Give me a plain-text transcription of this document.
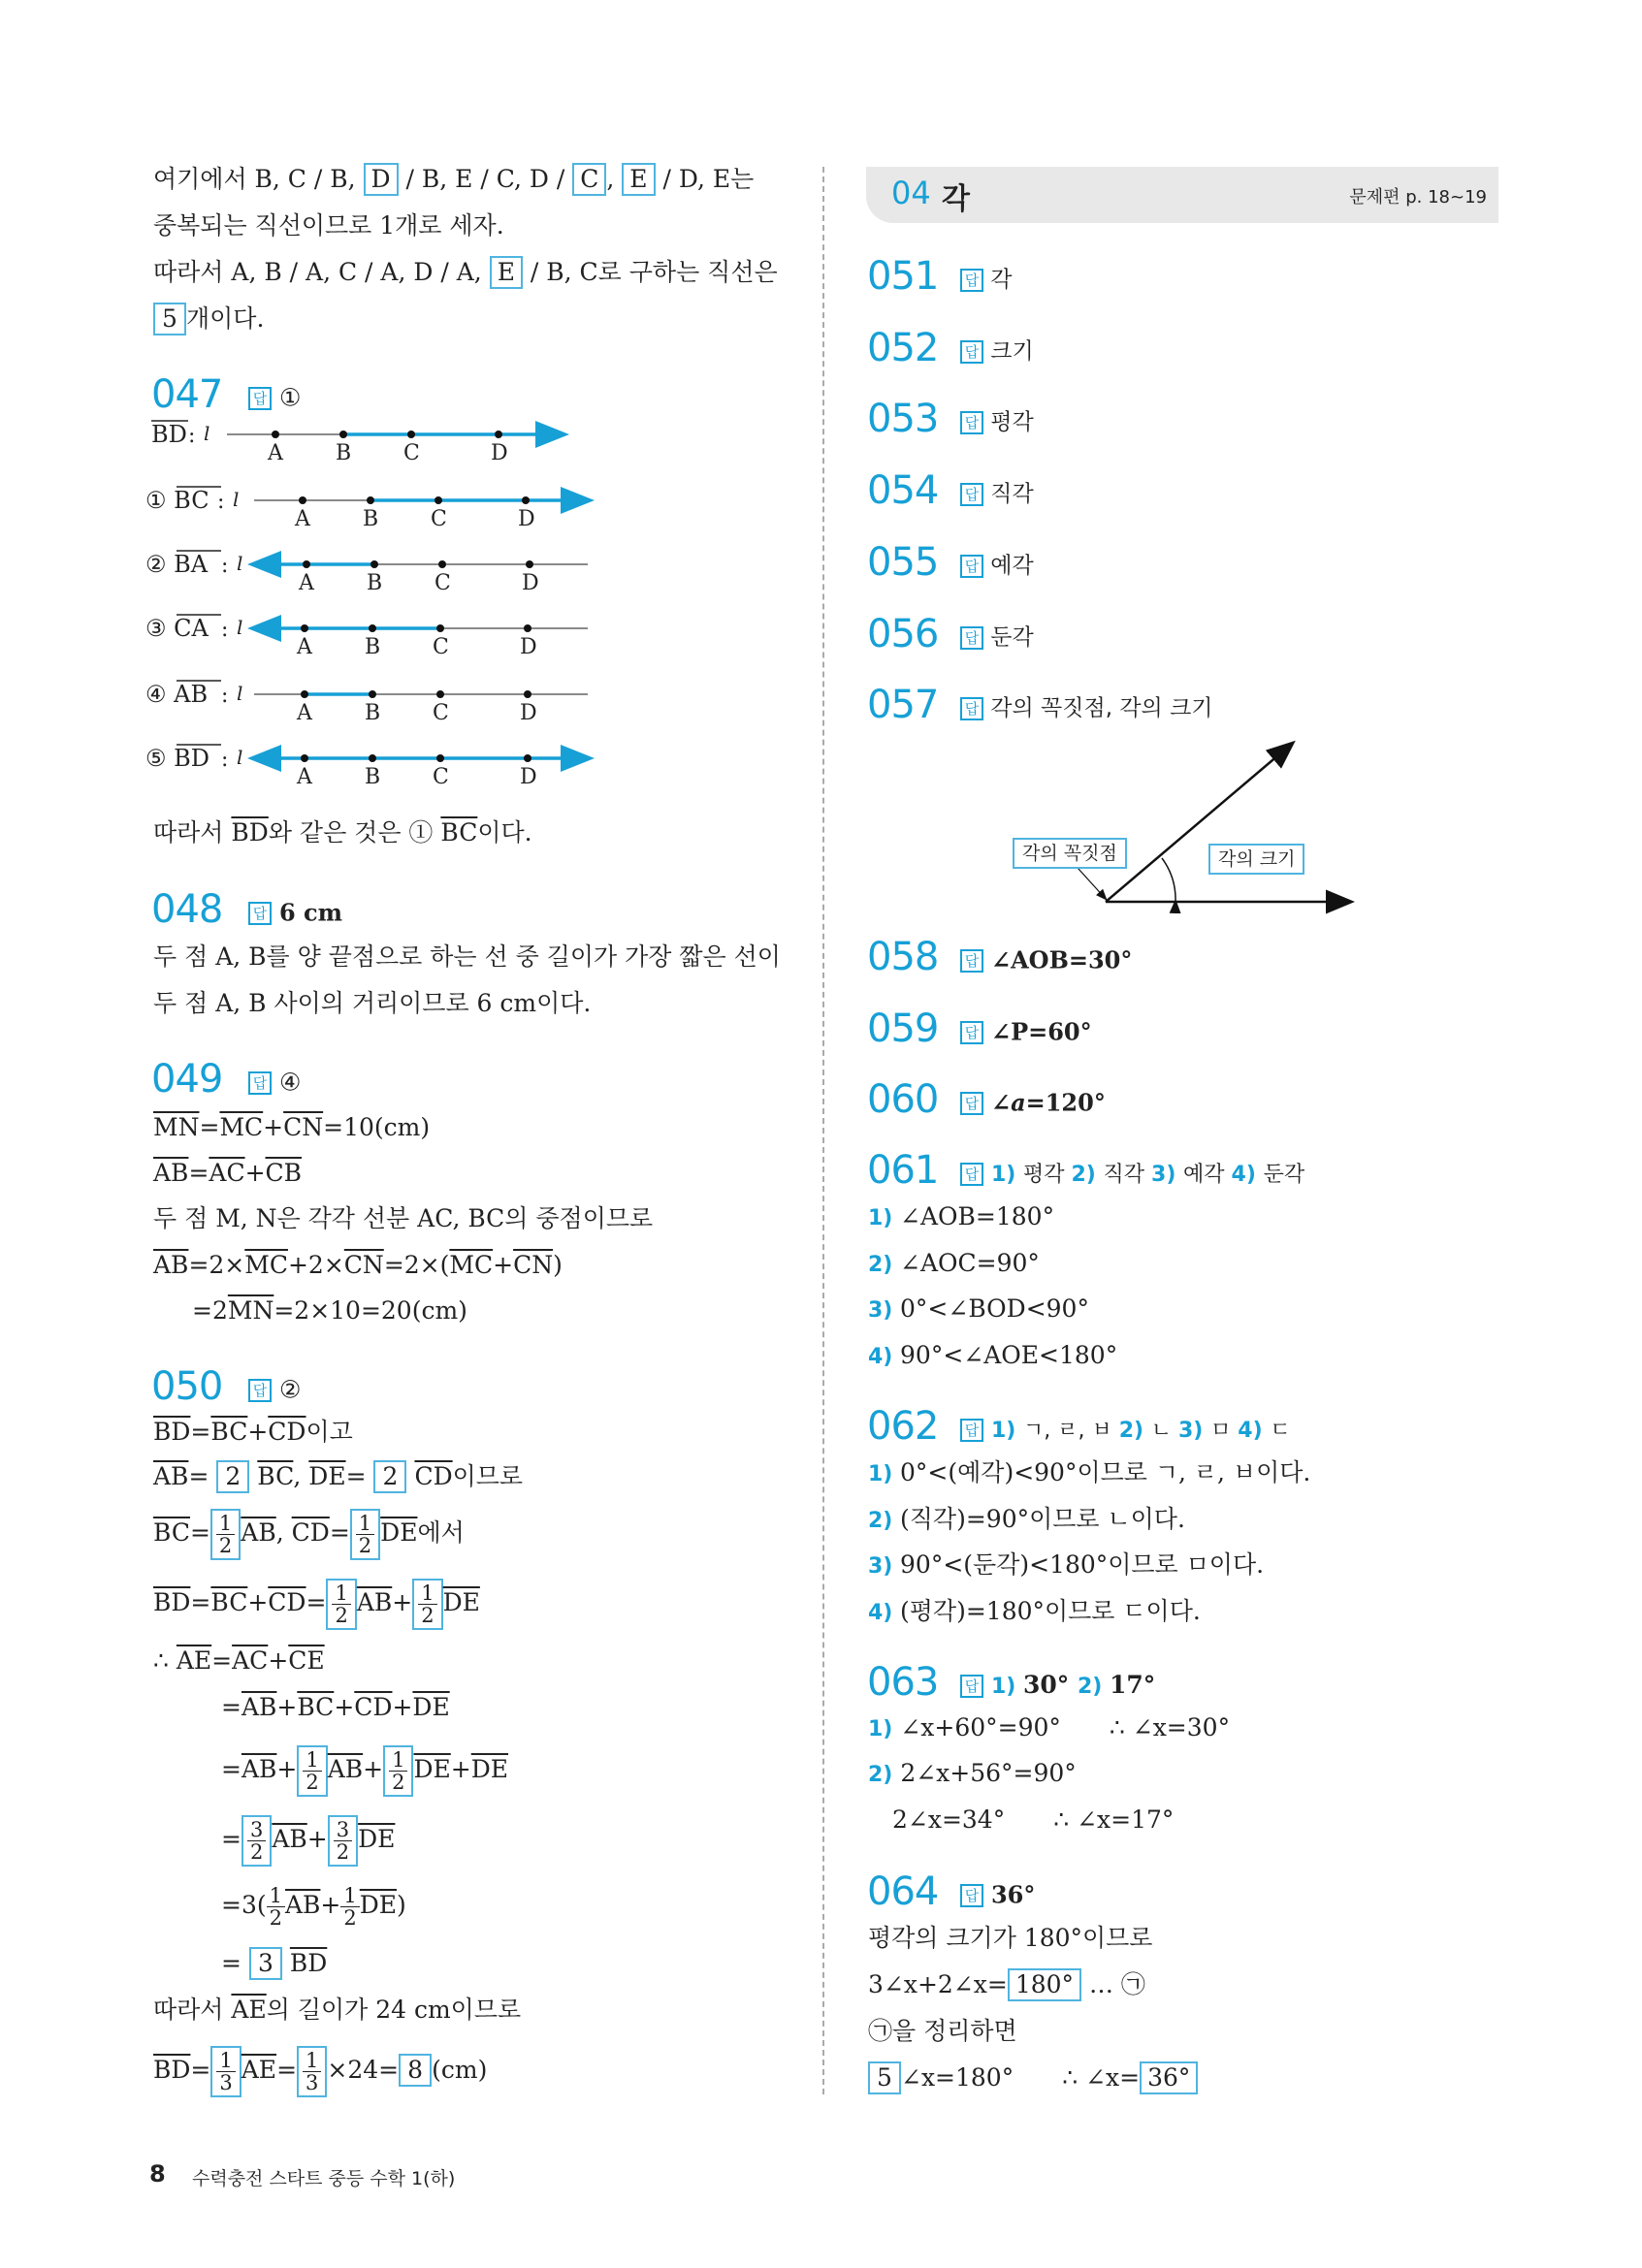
여기에서 B, C / B, D / B, E / C, D / C , E / D, E는
중복되는 직선이므로 1개로 세자.
따라서 A, B / A, C / A, D / A, E / B, C로 구하는 직선은
5 개이다.
047	답 ①
BD : l
A B C	D
① BC : l
A B C	D
② BA : l
A B C	D
③ CA : l
A B C	D
④ AB : l
A B C	D
⑤ BD : l
A B C	D
따라서 $\overline{BD}$와 같은 것은 ① $\overline{BC}$이다.
048	답 6 cm
두 점 A, B를 양 끝점으로 하는 선 중 길이가 가장 짧은 선이
두 점 A, B 사이의 거리이므로 6 cm이다.
049	답 ④
$\overline{MN}=\overline{MC}+\overline{CN}=10(cm)$
$\overline{AB}=\overline{AC}+\overline{CB}$
두 점 M, N은 각각 선분 AC, BC의 중점이므로
$\overline{AB}=2\times\overline{MC}+2\times\overline{CN}=2\times(\overline{MC}+\overline{CN})$
$=2\overline{MN}=2\times 10=20(cm)$
050	답 ②
$\overline{BD}=\overline{BC}+\overline{CD}$이고
$\overline{AB}= 2$ $\overline{BC}$, $\overline{DE}= 2$ $\overline{CD}$이므로
$\overline{BC}= \frac{1}{2} \overline{AB}$, $\overline{CD}= \frac{1}{2} \overline{DE}$에서
$\overline{BD}=\overline{BC}+\overline{CD}= \frac{1}{2} \overline{AB}+ \frac{1}{2} \overline{DE}$
∴ $\overline{AE}=\overline{AC}+\overline{CE}$
$=\overline{AB}+\overline{BC}+\overline{CD}+\overline{DE}$
$=\overline{AB}+ \frac{1}{2} \overline{AB}+ \frac{1}{2} \overline{DE}+\overline{DE}$
= $\frac{3}{2} \overline{AB}+ \frac{3}{2} \overline{DE}$
$=3( \frac{1}{2} \overline{AB}+ \frac{1}{2} \overline{DE})$
= 3 $\overline{BD}$
따라서 $\overline{AE}$의 길이가 24 cm이므로
$\overline{BD}= \frac{1}{3} \overline{AE}= \frac{1}{3} \times 24= 8$ (cm)
04 각	문제편 p. 18~19
051	답 각
052	답 크기
053	답 평각
054	답 직각
055	답 예각
056	답 둔각
057	답 각의 꼭짓점, 각의 크기
각의 꼭짓점	각의 크기
058	답 ∠AOB=30°
059	답 ∠P=60°
060	답 ∠a=120°
061	답 1) 평각 2) 직각 3) 예각 4) 둔각
1) ∠AOB=180°
2) ∠AOC=90°
3) 0°<∠BOD<90°
4) 90°<∠AOE<180°
062	답 1) ㄱ, ㄹ, ㅂ 2) ㄴ 3) ㅁ 4) ㄷ
1) 0°<(예각)<90°이므로 ㄱ, ㄹ, ㅂ이다.
2) (직각)=90°이므로 ㄴ이다.
3) 90°<(둔각)<180°이므로 ㅁ이다.
4) (평각)=180°이므로 ㄷ이다.
063	답 1) 30° 2) 17°
1) ∠x+60°=90° ∴ ∠x=30°
2) 2∠x+56°=90°
2∠x=34° ∴ ∠x=17°
064	답 36°
평각의 크기가 180°이므로
3∠x+2∠x= 180° … ㉠
㉠을 정리하면
5 ∠x=180° ∴ ∠x= 36°
8 수력충전 스타트 중등 수학 1(하)
